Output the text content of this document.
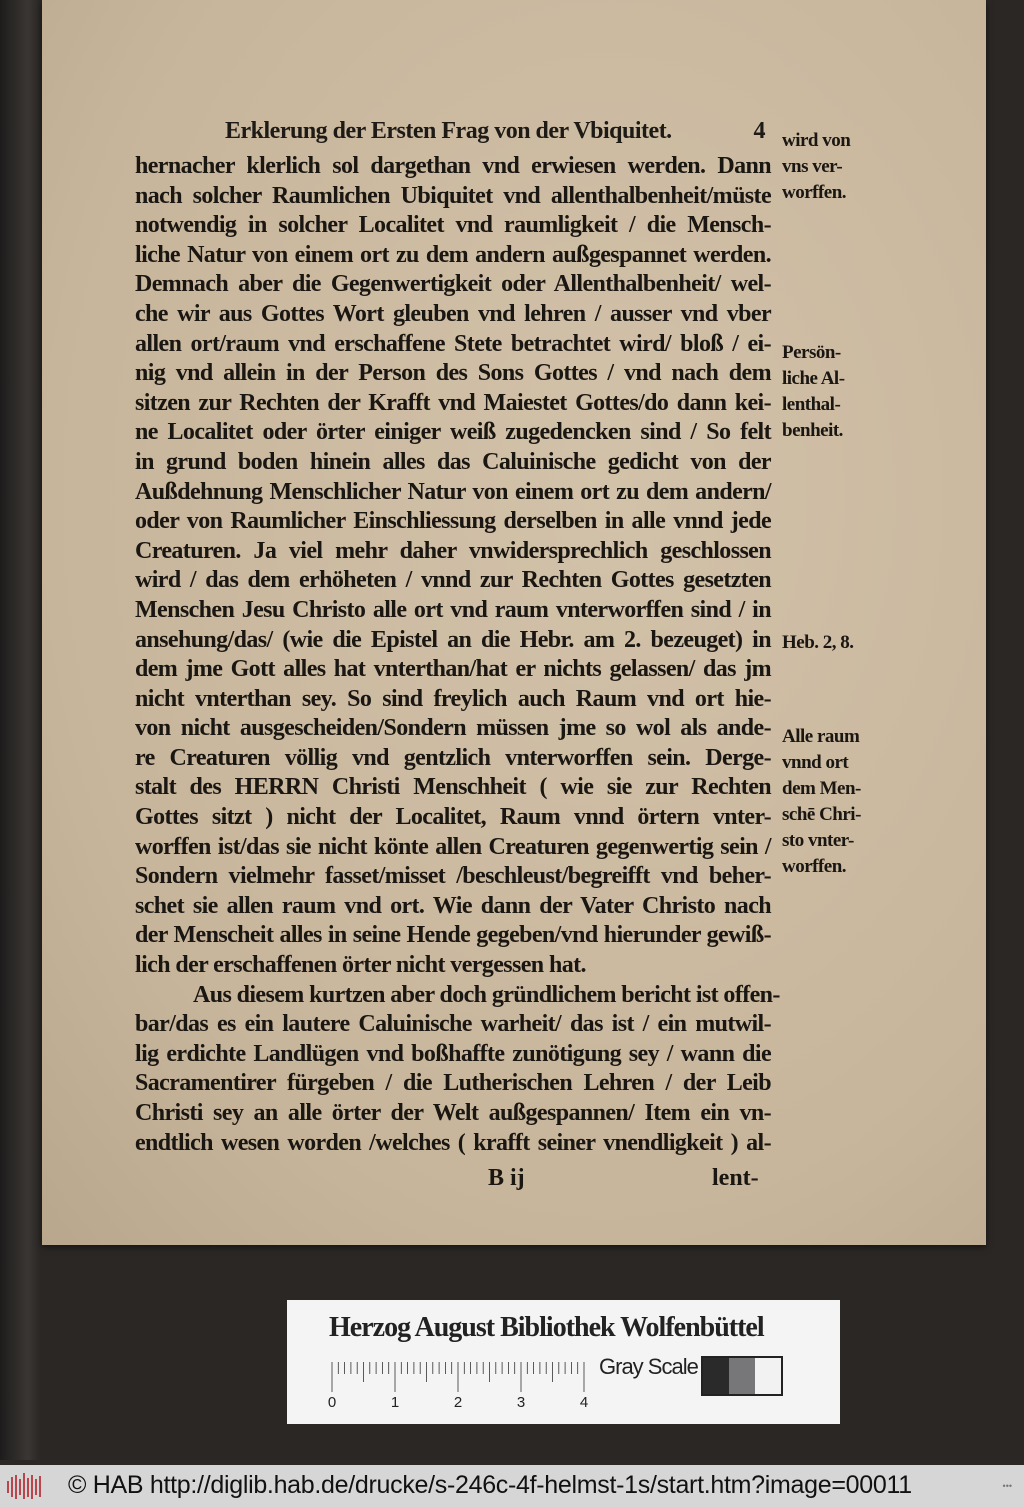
Erklerung der Ersten Frag von der Vbiquitet.	4
hernacher klerlich sol dargethan vnd erwiesen werden. Dann
nach solcher Raumlichen Ubiquitet vnd allenthalbenheit/müste
notwendig in solcher Localitet vnd raumligkeit / die Mensch-
liche Natur von einem ort zu dem andern außgespannet werden.
Demnach aber die Gegenwertigkeit oder Allenthalbenheit/ wel-
che wir aus Gottes Wort gleuben vnd lehren / ausser vnd vber
allen ort/raum vnd erschaffene Stete betrachtet wird/ bloß / ei-
nig vnd allein in der Person des Sons Gottes / vnd nach dem
sitzen zur Rechten der Krafft vnd Maiestet Gottes/do dann kei-
ne Localitet oder örter einiger weiß zugedencken sind / So felt
in grund boden hinein alles das Caluinische gedicht von der
Außdehnung Menschlicher Natur von einem ort zu dem andern/
oder von Raumlicher Einschliessung derselben in alle vnnd jede
Creaturen. Ja viel mehr daher vnwidersprechlich geschlossen
wird / das dem erhöheten / vnnd zur Rechten Gottes gesetzten
Menschen Jesu Christo alle ort vnd raum vnterworffen sind / in
ansehung/das/ (wie die Epistel an die Hebr. am 2. bezeuget) in
dem jme Gott alles hat vnterthan/hat er nichts gelassen/ das jm
nicht vnterthan sey. So sind freylich auch Raum vnd ort hie-
von nicht ausgescheiden/Sondern müssen jme so wol als ande-
re Creaturen völlig vnd gentzlich vnterworffen sein. Derge-
stalt des HERRN Christi Menschheit ( wie sie zur Rechten
Gottes sitzt ) nicht der Localitet, Raum vnnd örtern vnter-
worffen ist/das sie nicht könte allen Creaturen gegenwertig sein /
Sondern vielmehr fasset/misset /beschleust/begreifft vnd beher-
schet sie allen raum vnd ort. Wie dann der Vater Christo nach
der Menscheit alles in seine Hende gegeben/vnd hierunder gewiß-
lich der erschaffenen örter nicht vergessen hat.
Aus diesem kurtzen aber doch gründlichem bericht ist offen-
bar/das es ein lautere Caluinische warheit/ das ist / ein mutwil-
lig erdichte Landlügen vnd boßhaffte zunötigung sey / wann die
Sacramentirer fürgeben / die Lutherischen Lehren / der Leib
Christi sey an alle örter der Welt außgespannen/ Item ein vn-
endtlich wesen worden /welches ( krafft seiner vnendligkeit ) al-
wird von
vns ver-
worffen.
Persön-
liche Al-
lenthal-
benheit.
Heb. 2, 8.
Alle raum
vnnd ort
dem Men-
schē Chri-
sto vnter-
worffen.
B ij	lent-
Herzog August Bibliothek Wolfenbüttel
0	1	2	3	4
Gray Scale
© HAB http://diglib.hab.de/drucke/s-246c-4f-helmst-1s/start.htm?image=00011	•••
